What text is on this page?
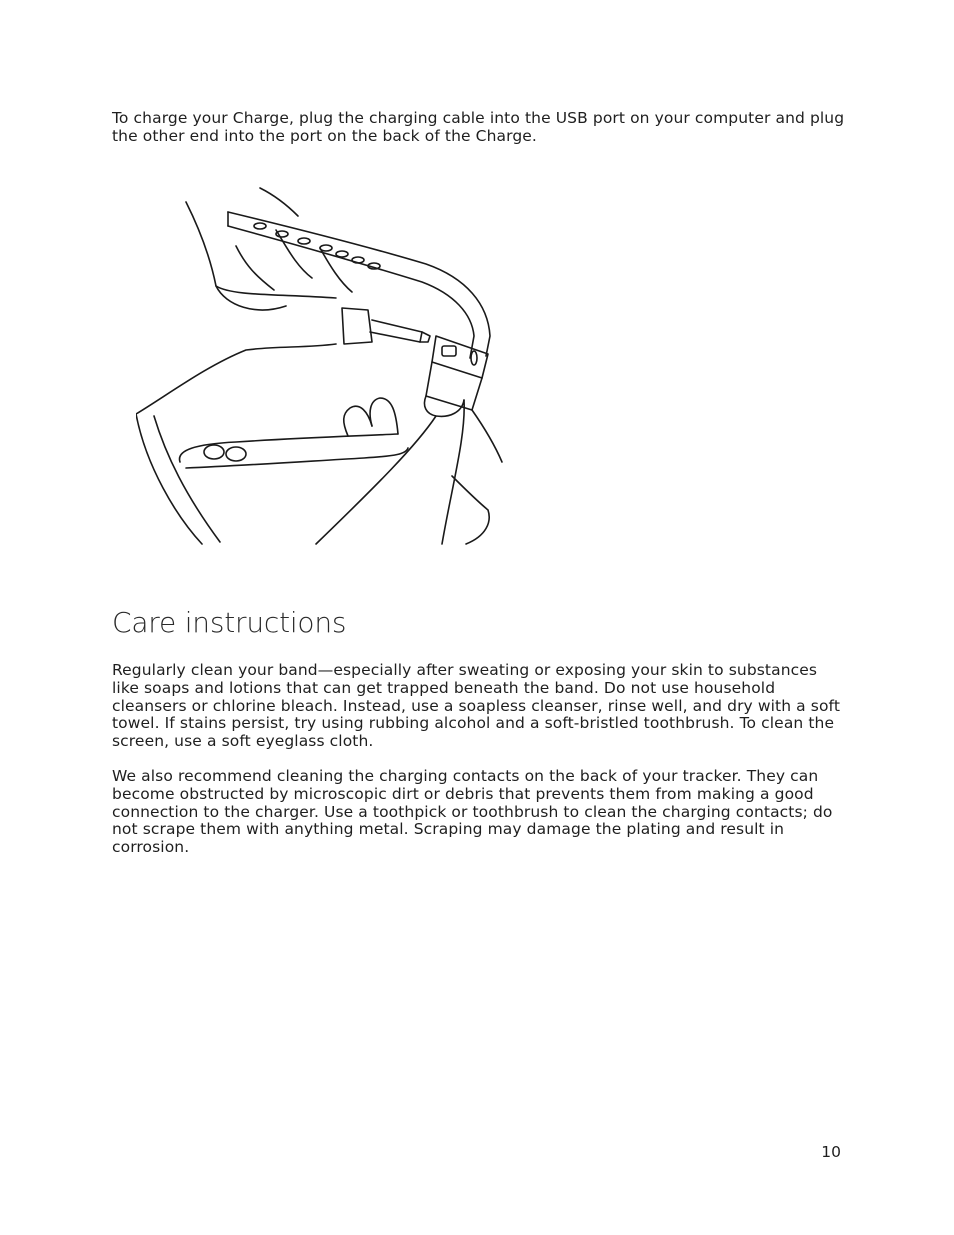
To charge your Charge, plug the charging cable into the USB port on your computer and plug the other end into the port on the back of the Charge.

Care instructions

Regularly clean your band—especially after sweating or exposing your skin to substances like soaps and lotions that can get trapped beneath the band. Do not use household cleansers or chlorine bleach. Instead, use a soapless cleanser, rinse well, and dry with a soft towel. If stains persist, try using rubbing alcohol and a soft-bristled toothbrush. To clean the screen, use a soft eyeglass cloth.

We also recommend cleaning the charging contacts on the back of your tracker. They can become obstructed by microscopic dirt or debris that prevents them from making a good connection to the charger. Use a toothpick or toothbrush to clean the charging contacts; do not scrape them with anything metal. Scraping may damage the plating and result in corrosion.

10
